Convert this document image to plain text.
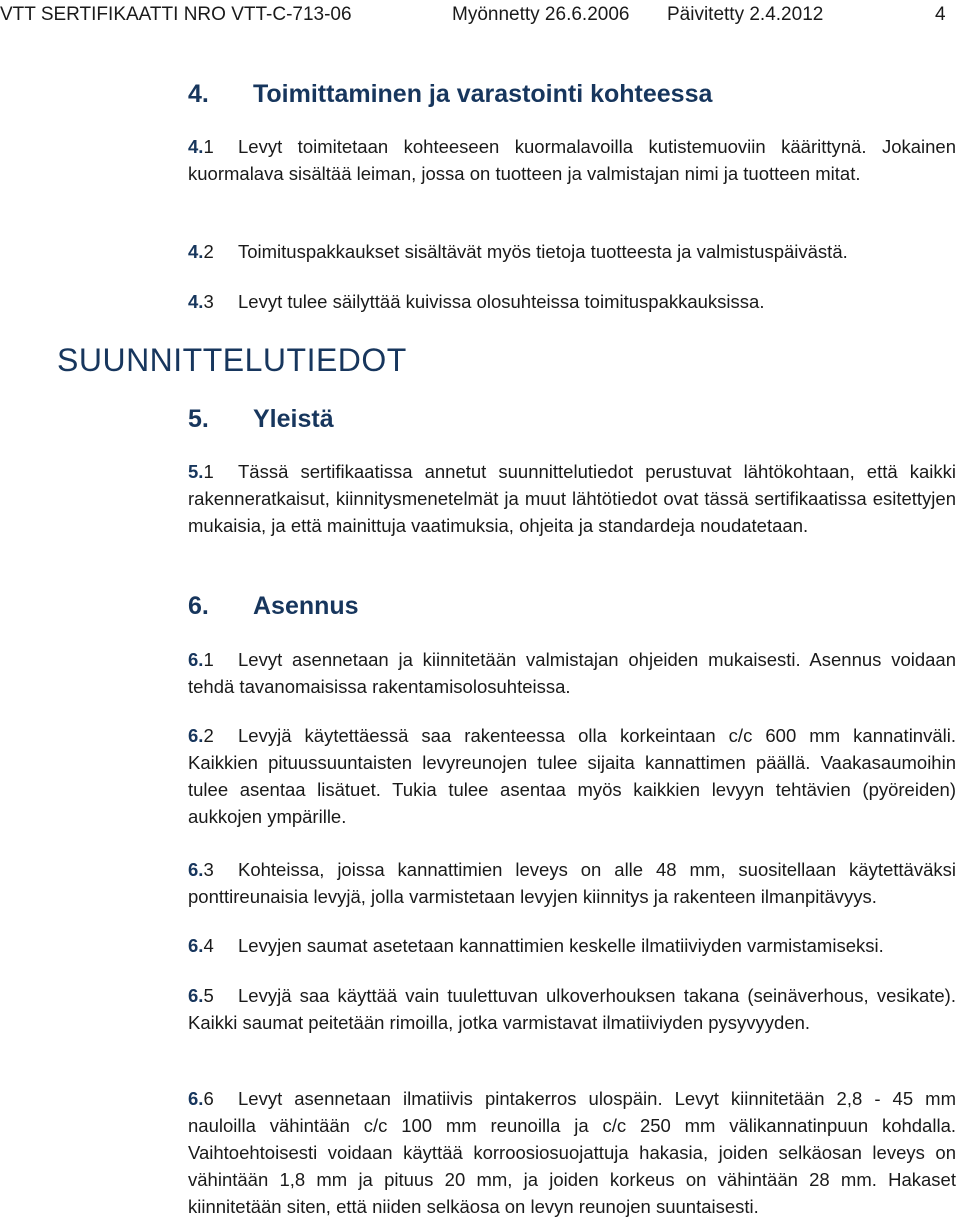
VTT SERTIFIKAATTI NRO VTT-C-713-06	Myönnetty 26.6.2006 Päivitetty 2.4.2012	4
4. Toimittaminen ja varastointi kohteessa
4.1 Levyt toimitetaan kohteeseen kuormalavoilla kutistemuoviin käärittynä. Jokainen kuormalava sisältää leiman, jossa on tuotteen ja valmistajan nimi ja tuotteen mitat.
4.2 Toimituspakkaukset sisältävät myös tietoja tuotteesta ja valmistuspäivästä.
4.3 Levyt tulee säilyttää kuivissa olosuhteissa toimituspakkauksissa.
SUUNNITTELUTIEDOT
5. Yleistä
5.1 Tässä sertifikaatissa annetut suunnittelutiedot perustuvat lähtökohtaan, että kaikki rakenneratkaisut, kiinnitysmenetelmät ja muut lähtötiedot ovat tässä sertifikaatissa esitettyjen mukaisia, ja että mainittuja vaatimuksia, ohjeita ja standardeja noudatetaan.
6. Asennus
6.1 Levyt asennetaan ja kiinnitetään valmistajan ohjeiden mukaisesti. Asennus voidaan tehdä tavanomaisissa rakentamisolosuhteissa.
6.2 Levyjä käytettäessä saa rakenteessa olla korkeintaan c/c 600 mm kannatinväli. Kaikkien pituussuuntaisten levyreunojen tulee sijaita kannattimen päällä. Vaakasaumoihin tulee asentaa lisätuet. Tukia tulee asentaa myös kaikkien levyyn tehtävien (pyöreiden) aukkojen ympärille.
6.3 Kohteissa, joissa kannattimien leveys on alle 48 mm, suositellaan käytettäväksi ponttireunaisia levyjä, jolla varmistetaan levyjen kiinnitys ja rakenteen ilmanpitävyys.
6.4 Levyjen saumat asetetaan kannattimien keskelle ilmatiiviyden varmistamiseksi.
6.5 Levyjä saa käyttää vain tuulettuvan ulkoverhouksen takana (seinäverhous, vesikate). Kaikki saumat peitetään rimoilla, jotka varmistavat ilmatiiviyden pysyvyyden.
6.6 Levyt asennetaan ilmatiivis pintakerros ulospäin. Levyt kiinnitetään 2,8 - 45 mm nauloilla vähintään c/c 100 mm reunoilla ja c/c 250 mm välikannatinpuun kohdalla. Vaihtoehtoisesti voidaan käyttää korroosiosuojattuja hakasia, joiden selkäosan leveys on vähintään 1,8 mm ja pituus 20 mm, ja joiden korkeus on vähintään 28 mm. Hakaset kiinnitetään siten, että niiden selkäosa on levyn reunojen suuntaisesti.
